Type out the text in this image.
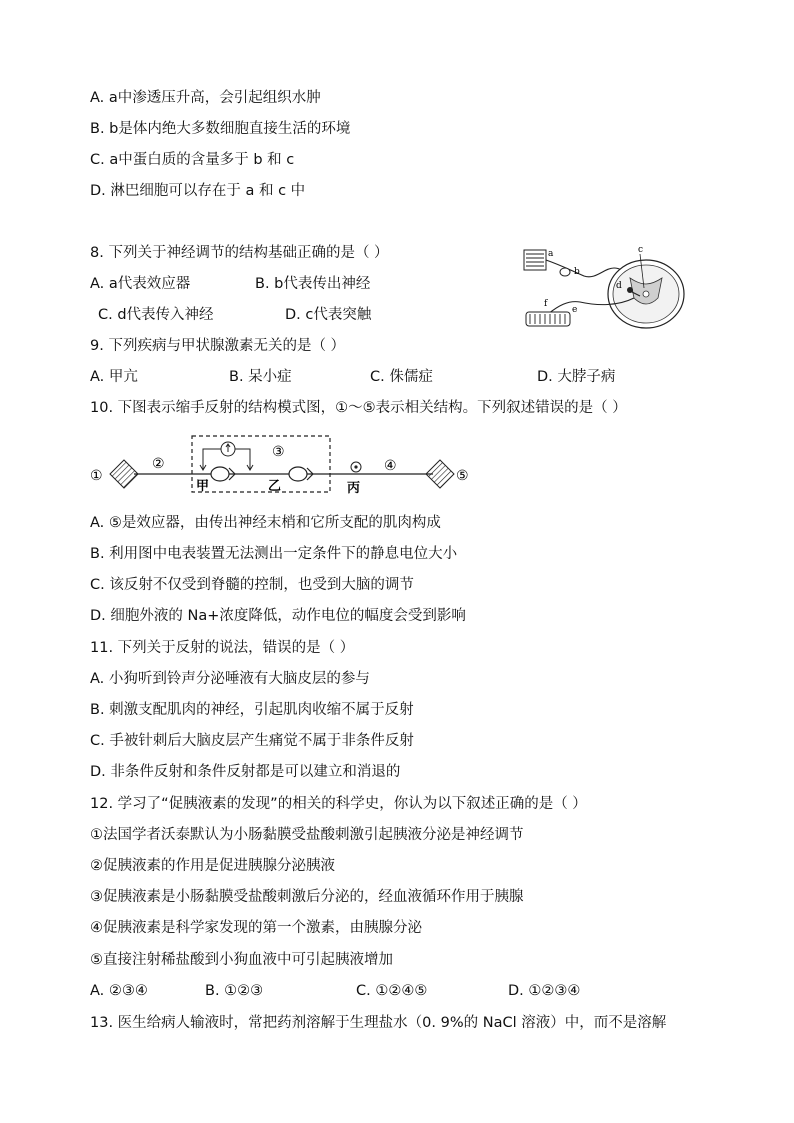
A. a中渗透压升高，会引起组织水肿
B. b是体内绝大多数细胞直接生活的环境
C. a中蛋白质的含量多于 b 和 c
D. 淋巴细胞可以存在于 a 和 c 中
8. 下列关于神经调节的结构基础正确的是（ ）
A. a代表效应器	B. b代表传出神经
C. d代表传入神经	D. c代表突触
a
b
c
d
e
f
9. 下列疾病与甲状腺激素无关的是（ ）
A. 甲亢	B. 呆小症	C. 侏儒症	D. 大脖子病
10. 下图表示缩手反射的结构模式图，①～⑤表示相关结构。下列叙述错误的是（ ）
①
②
③
④
⑤
甲	乙	丙
A. ⑤是效应器，由传出神经末梢和它所支配的肌肉构成
B. 利用图中电表装置无法测出一定条件下的静息电位大小
C. 该反射不仅受到脊髓的控制，也受到大脑的调节
D. 细胞外液的 Na+浓度降低，动作电位的幅度会受到影响
11. 下列关于反射的说法，错误的是（ ）
A. 小狗听到铃声分泌唾液有大脑皮层的参与
B. 刺激支配肌肉的神经，引起肌肉收缩不属于反射
C. 手被针刺后大脑皮层产生痛觉不属于非条件反射
D. 非条件反射和条件反射都是可以建立和消退的
12. 学习了“促胰液素的发现”的相关的科学史，你认为以下叙述正确的是（ ）
①法国学者沃泰默认为小肠黏膜受盐酸刺激引起胰液分泌是神经调节
②促胰液素的作用是促进胰腺分泌胰液
③促胰液素是小肠黏膜受盐酸刺激后分泌的，经血液循环作用于胰腺
④促胰液素是科学家发现的第一个激素，由胰腺分泌
⑤直接注射稀盐酸到小狗血液中可引起胰液增加
A. ②③④	B. ①②③	C. ①②④⑤	D. ①②③④
13. 医生给病人输液时，常把药剂溶解于生理盐水（0. 9%的 NaCl 溶液）中，而不是溶解
